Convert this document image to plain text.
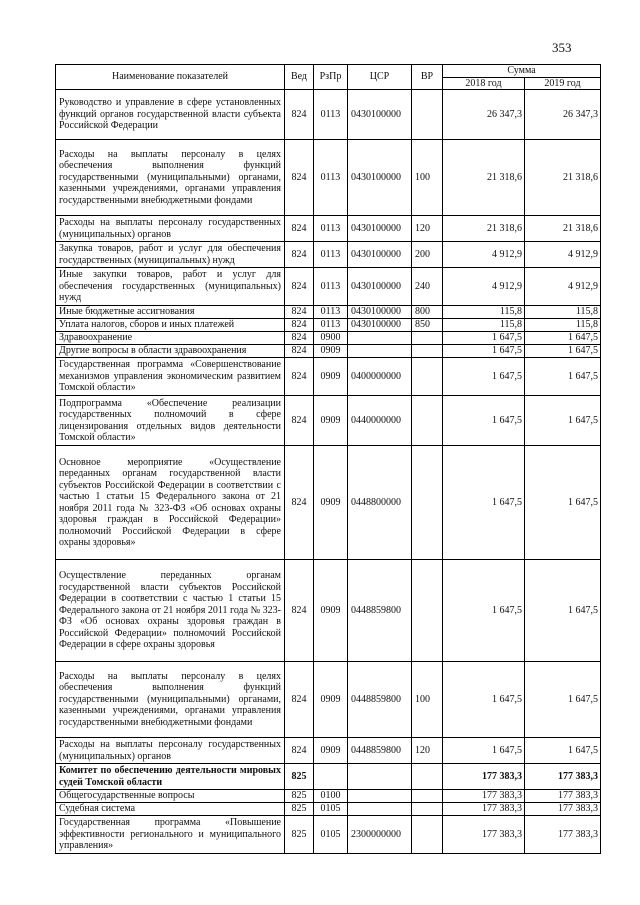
353
Наименование показателей	Вед	РзПр	ЦСР	ВР	Сумма	
					2018 год	2019 год
Руководство и управление в сфере установленных функций органов государственной власти субъекта Российской Федерации	824	0113	0430100000		26 347,3	26 347,3
Расходы на выплаты персоналу в целях обеспечения выполнения функций государственными (муниципальными) органами, казенными учреждениями, органами управления государственными внебюджетными фондами	824	0113	0430100000	100	21 318,6	21 318,6
Расходы на выплаты персоналу государственных (муниципальных) органов	824	0113	0430100000	120	21 318,6	21 318,6
Закупка товаров, работ и услуг для обеспечения государственных (муниципальных) нужд	824	0113	0430100000	200	4 912,9	4 912,9
Иные закупки товаров, работ и услуг для обеспечения государственных (муниципальных) нужд	824	0113	0430100000	240	4 912,9	4 912,9
Иные бюджетные ассигнования	824	0113	0430100000	800	115,8	115,8
Уплата налогов, сборов и иных платежей	824	0113	0430100000	850	115,8	115,8
Здравоохранение	824	0900			1 647,5	1 647,5
Другие вопросы в области здравоохранения	824	0909			1 647,5	1 647,5
Государственная программа «Совершенствование механизмов управления экономическим развитием Томской области»	824	0909	0400000000		1 647,5	1 647,5
Подпрограмма «Обеспечение реализации государственных полномочий в сфере лицензирования отдельных видов деятельности Томской области»	824	0909	0440000000		1 647,5	1 647,5
Основное мероприятие «Осуществление переданных органам государственной власти субъектов Российской Федерации в соответствии с частью 1 статьи 15 Федерального закона от 21 ноября 2011 года № 323-ФЗ «Об основах охраны здоровья граждан в Российской Федерации» полномочий Российской Федерации в сфере охраны здоровья»	824	0909	0448800000		1 647,5	1 647,5
Осуществление переданных органам государственной власти субъектов Российской Федерации в соответствии с частью 1 статьи 15 Федерального закона от 21 ноября 2011 года № 323-ФЗ «Об основах охраны здоровья граждан в Российской Федерации» полномочий Российской Федерации в сфере охраны здоровья	824	0909	0448859800		1 647,5	1 647,5
Расходы на выплаты персоналу в целях обеспечения выполнения функций государственными (муниципальными) органами, казенными учреждениями, органами управления государственными внебюджетными фондами	824	0909	0448859800	100	1 647,5	1 647,5
Расходы на выплаты персоналу государственных (муниципальных) органов	824	0909	0448859800	120	1 647,5	1 647,5
Комитет по обеспечению деятельности мировых судей Томской области	825				177 383,3	177 383,3
Общегосударственные вопросы	825	0100			177 383,3	177 383,3
Судебная система	825	0105			177 383,3	177 383,3
Государственная программа «Повышение эффективности регионального и муниципального управления»	825	0105	2300000000		177 383,3	177 383,3
